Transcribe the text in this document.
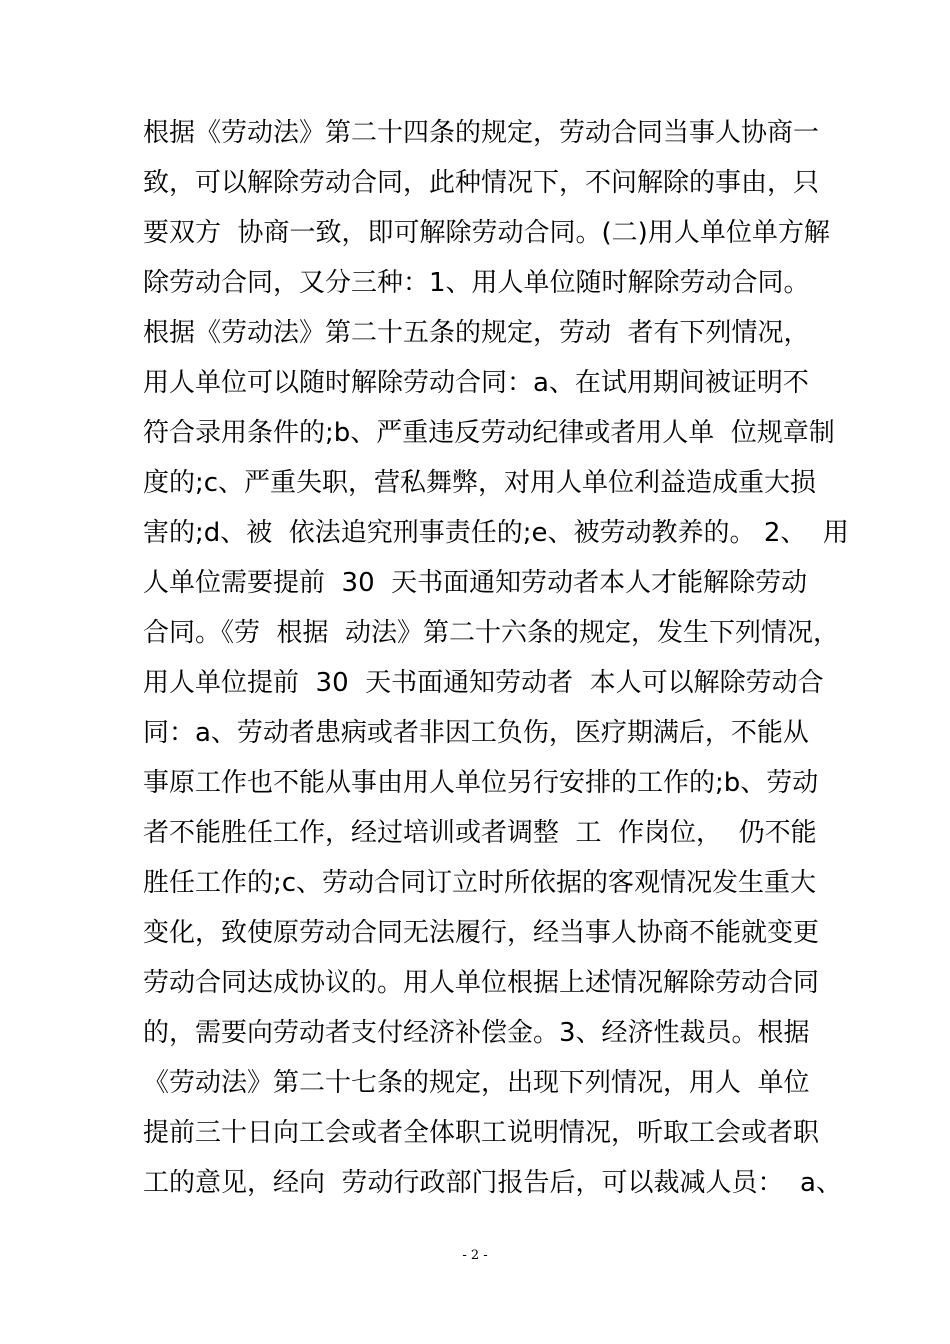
根据《劳动法》第二十四条的规定，劳动合同当事人协商一
致，可以解除劳动合同，此种情况下，不问解除的事由，只
要双方  协商一致，即可解除劳动合同。(二)用人单位单方解
除劳动合同，又分三种：1、用人单位随时解除劳动合同。
根据《劳动法》第二十五条的规定，劳动  者有下列情况，
用人单位可以随时解除劳动合同：a、在试用期间被证明不
符合录用条件的;b、严重违反劳动纪律或者用人单  位规章制
度的;c、严重失职，营私舞弊，对用人单位利益造成重大损
害的;d、被  依法追究刑事责任的;e、被劳动教养的。 2、  用
人单位需要提前  30  天书面通知劳动者本人才能解除劳动
合同。《劳  根据  动法》第二十六条的规定，发生下列情况，
用人单位提前  30  天书面通知劳动者  本人可以解除劳动合
同：a、劳动者患病或者非因工负伤，医疗期满后，不能从
事原工作也不能从事由用人单位另行安排的工作的;b、劳动
者不能胜任工作，经过培训或者调整  工  作岗位，  仍不能
胜任工作的;c、劳动合同订立时所依据的客观情况发生重大
变化，致使原劳动合同无法履行，经当事人协商不能就变更
劳动合同达成协议的。用人单位根据上述情况解除劳动合同
的，需要向劳动者支付经济补偿金。3、经济性裁员。根据
《劳动法》第二十七条的规定，出现下列情况，用人  单位
提前三十日向工会或者全体职工说明情况，听取工会或者职
工的意见，经向  劳动行政部门报告后，可以裁减人员：  a、
- 2 -
